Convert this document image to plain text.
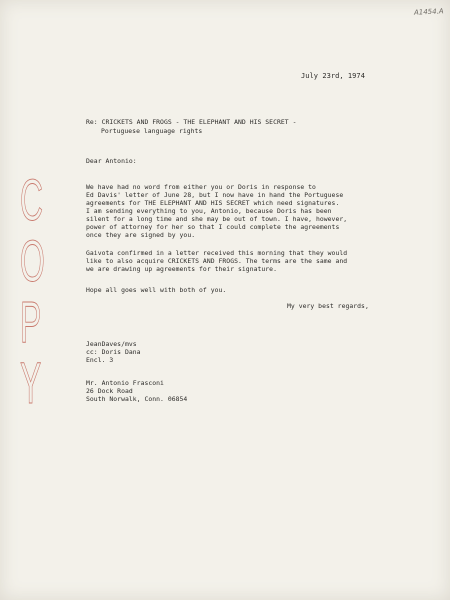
A1454.A

July 23rd, 1974

Re: CRICKETS AND FROGS - THE ELEPHANT AND HIS SECRET -

Portuguese language rights

Dear Antonio:

We have had no word from either you or Doris in response to
Ed Davis' letter of June 28, but I now have in hand the Portuguese
agreements for THE ELEPHANT AND HIS SECRET which need signatures.
I am sending everything to you, Antonio, because Doris has been
silent for a long time and she may be out of town. I have, however,
power of attorney for her so that I could complete the agreements
once they are signed by you.

Gaivota confirmed in a letter received this morning that they would
like to also acquire CRICKETS AND FROGS. The terms are the same and
we are drawing up agreements for their signature.

Hope all goes well with both of you.

My very best regards,

JeanDaves/mvs
cc: Doris Dana
Encl. 3

Mr. Antonio Frasconi
26 Dock Road
South Norwalk, Conn. 06854

C
O
P
Y
